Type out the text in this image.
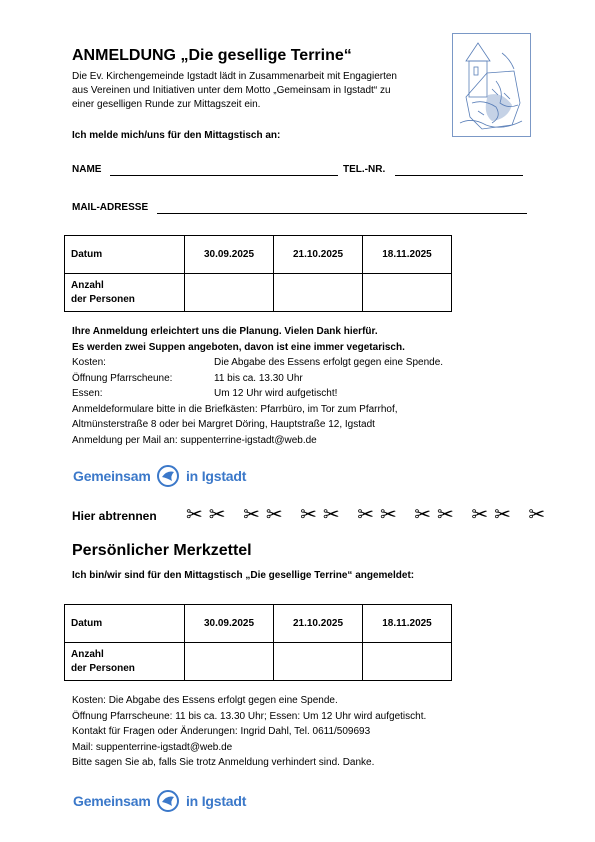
ANMELDUNG „Die gesellige Terrine“
Die Ev. Kirchengemeinde Igstadt lädt in Zusammenarbeit mit Engagierten
aus Vereinen und Initiativen unter dem Motto „Gemeinsam in Igstadt“ zu
einer geselligen Runde zur Mittagszeit ein.
Ich melde mich/uns für den Mittagstisch an:
NAME	TEL.-NR.
MAIL-ADRESSE
Datum	30.09.2025	21.10.2025	18.11.2025

Anzahl
der Personen			

Ihre Anmeldung erleichtert uns die Planung. Vielen Dank hierfür.
Es werden zwei Suppen angeboten, davon ist eine immer vegetarisch.
Kosten:	Die Abgabe des Essens erfolgt gegen eine Spende.
Öffnung Pfarrscheune:	11 bis ca. 13.30 Uhr
Essen:	Um 12 Uhr wird aufgetischt!
Anmeldeformulare bitte in die Briefkästen: Pfarrbüro, im Tor zum Pfarrhof,
Altmünsterstraße 8 oder bei Margret Döring, Hauptstraße 12, Igstadt
Anmeldung per Mail an: suppenterrine-igstadt@web.de
Gemeinsam	in Igstadt
Hier abtrennen ✂✂ ✂✂ ✂✂ ✂✂ ✂✂ ✂✂ ✂
Persönlicher Merkzettel
Ich bin/wir sind für den Mittagstisch „Die gesellige Terrine“ angemeldet:
Datum	30.09.2025	21.10.2025	18.11.2025

Anzahl
der Personen			

Kosten: Die Abgabe des Essens erfolgt gegen eine Spende.
Öffnung Pfarrscheune: 11 bis ca. 13.30 Uhr; Essen: Um 12 Uhr wird aufgetischt.
Kontakt für Fragen oder Änderungen: Ingrid Dahl, Tel. 0611/509693
Mail: suppenterrine-igstadt@web.de
Bitte sagen Sie ab, falls Sie trotz Anmeldung verhindert sind. Danke.
Gemeinsam	in Igstadt
